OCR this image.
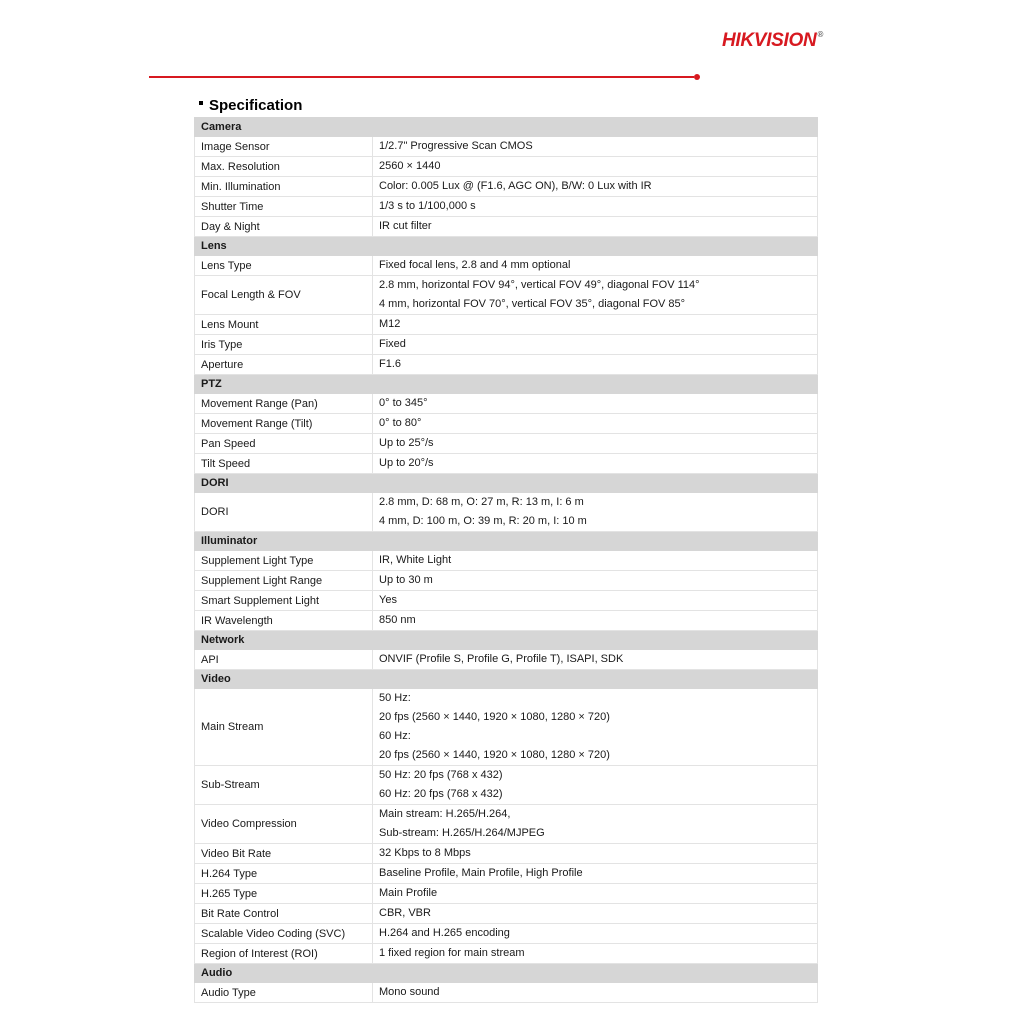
HIKVISION®
Specification
Camera	
Image Sensor	1/2.7" Progressive Scan CMOS

Max. Resolution	2560 × 1440

Min. Illumination	Color: 0.005 Lux @ (F1.6, AGC ON), B/W: 0 Lux with IR

Shutter Time	1/3 s to 1/100,000 s

Day & Night	IR cut filter

Lens	
Lens Type	Fixed focal lens, 2.8 and 4 mm optional

Focal Length & FOV	2.8 mm, horizontal FOV 94°, vertical FOV 49°, diagonal FOV 114°
4 mm, horizontal FOV 70°, vertical FOV 35°, diagonal FOV 85°

Lens Mount	M12

Iris Type	Fixed

Aperture	F1.6

PTZ	
Movement Range (Pan)	0° to 345°

Movement Range (Tilt)	0° to 80°

Pan Speed	Up to 25°/s

Tilt Speed	Up to 20°/s

DORI	
DORI	2.8 mm, D: 68 m, O: 27 m, R: 13 m, I: 6 m
4 mm, D: 100 m, O: 39 m, R: 20 m, I: 10 m

Illuminator	
Supplement Light Type	IR, White Light

Supplement Light Range	Up to 30 m

Smart Supplement Light	Yes

IR Wavelength	850 nm

Network	
API	ONVIF (Profile S, Profile G, Profile T), ISAPI, SDK

Video	
Main Stream	50 Hz:
20 fps (2560 × 1440, 1920 × 1080, 1280 × 720)
60 Hz:
20 fps (2560 × 1440, 1920 × 1080, 1280 × 720)

Sub-Stream	50 Hz: 20 fps (768 x 432)
60 Hz: 20 fps (768 x 432)

Video Compression	Main stream: H.265/H.264,
Sub-stream: H.265/H.264/MJPEG

Video Bit Rate	32 Kbps to 8 Mbps

H.264 Type	Baseline Profile, Main Profile, High Profile

H.265 Type	Main Profile

Bit Rate Control	CBR, VBR

Scalable Video Coding (SVC)	H.264 and H.265 encoding

Region of Interest (ROI)	1 fixed region for main stream

Audio	
Audio Type	Mono sound
